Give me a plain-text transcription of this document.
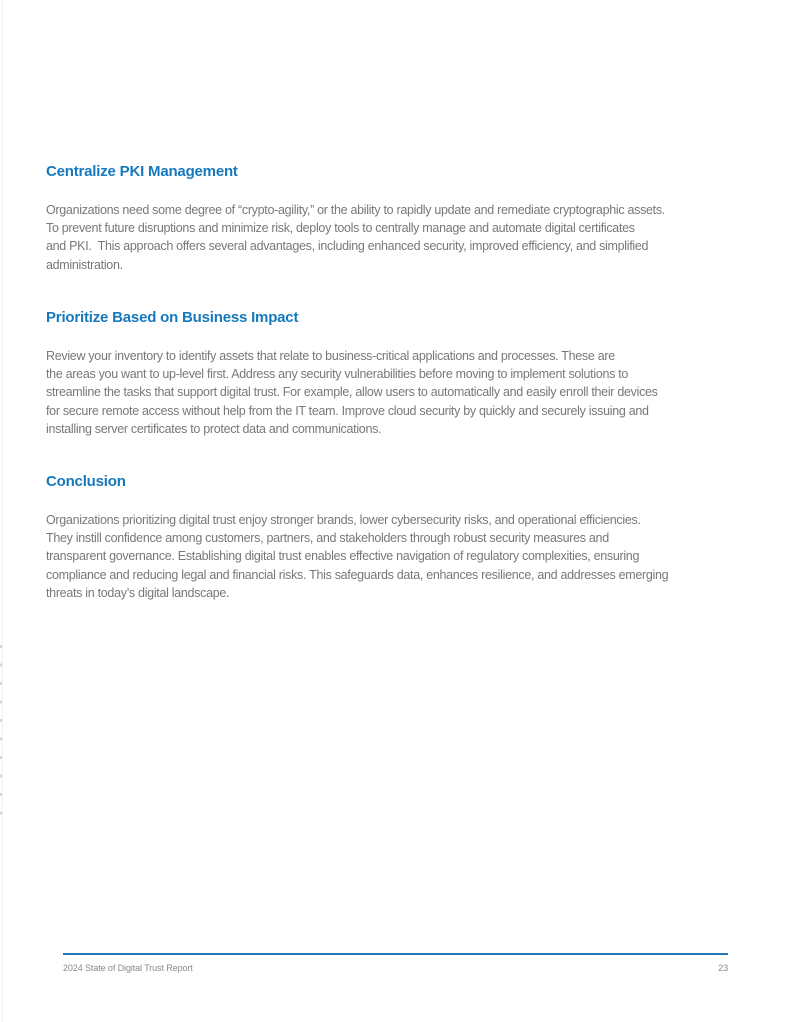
Centralize PKI Management
Organizations need some degree of “crypto-agility,” or the ability to rapidly update and remediate cryptographic assets.
To prevent future disruptions and minimize risk, deploy tools to centrally manage and automate digital certificates
and PKI.  This approach offers several advantages, including enhanced security, improved efficiency, and simplified
administration.
Prioritize Based on Business Impact
Review your inventory to identify assets that relate to business-critical applications and processes. These are
the areas you want to up-level first. Address any security vulnerabilities before moving to implement solutions to
streamline the tasks that support digital trust. For example, allow users to automatically and easily enroll their devices
for secure remote access without help from the IT team. Improve cloud security by quickly and securely issuing and
installing server certificates to protect data and communications.
Conclusion
Organizations prioritizing digital trust enjoy stronger brands, lower cybersecurity risks, and operational efficiencies.
They instill confidence among customers, partners, and stakeholders through robust security measures and
transparent governance. Establishing digital trust enables effective navigation of regulatory complexities, ensuring
compliance and reducing legal and financial risks. This safeguards data, enhances resilience, and addresses emerging
threats in today’s digital landscape.
2024 State of Digital Trust Report	23
